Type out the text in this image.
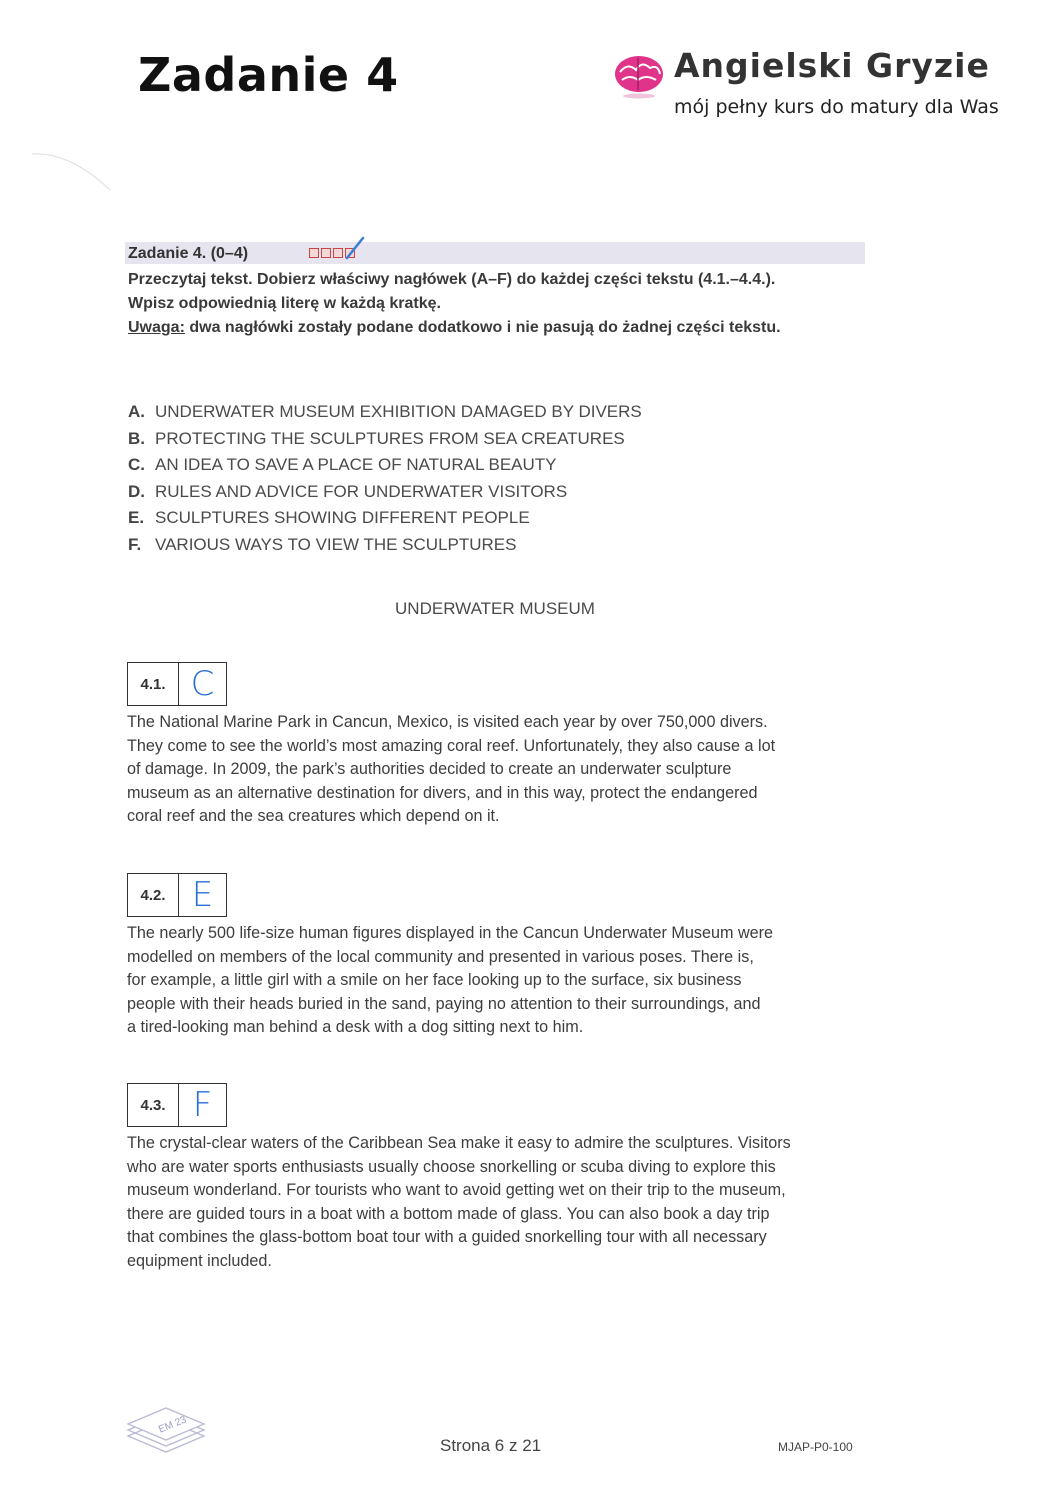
Zadanie 4	Angielski Gryzie
mój pełny kurs do matury dla Was
Zadanie 4. (0–4)
Przeczytaj tekst. Dobierz właściwy nagłówek (A–F) do każdej części tekstu (4.1.–4.4.).
Wpisz odpowiednią literę w każdą kratkę.
Uwaga: dwa nagłówki zostały podane dodatkowo i nie pasują do żadnej części tekstu.
A. UNDERWATER MUSEUM EXHIBITION DAMAGED BY DIVERS
B. PROTECTING THE SCULPTURES FROM SEA CREATURES
C. AN IDEA TO SAVE A PLACE OF NATURAL BEAUTY
D. RULES AND ADVICE FOR UNDERWATER VISITORS
E. SCULPTURES SHOWING DIFFERENT PEOPLE
F. VARIOUS WAYS TO VIEW THE SCULPTURES
UNDERWATER MUSEUM
4.1. C
The National Marine Park in Cancun, Mexico, is visited each year by over 750,000 divers.
They come to see the world’s most amazing coral reef. Unfortunately, they also cause a lot
of damage. In 2009, the park’s authorities decided to create an underwater sculpture
museum as an alternative destination for divers, and in this way, protect the endangered
coral reef and the sea creatures which depend on it.
4.2. E
The nearly 500 life-size human figures displayed in the Cancun Underwater Museum were
modelled on members of the local community and presented in various poses. There is,
for example, a little girl with a smile on her face looking up to the surface, six business
people with their heads buried in the sand, paying no attention to their surroundings, and
a tired-looking man behind a desk with a dog sitting next to him.
4.3. F
The crystal-clear waters of the Caribbean Sea make it easy to admire the sculptures. Visitors
who are water sports enthusiasts usually choose snorkelling or scuba diving to explore this
museum wonderland. For tourists who want to avoid getting wet on their trip to the museum,
there are guided tours in a boat with a bottom made of glass. You can also book a day trip
that combines the glass-bottom boat tour with a guided snorkelling tour with all necessary
equipment included.
EM 23
Strona 6 z 21	MJAP-P0-100
